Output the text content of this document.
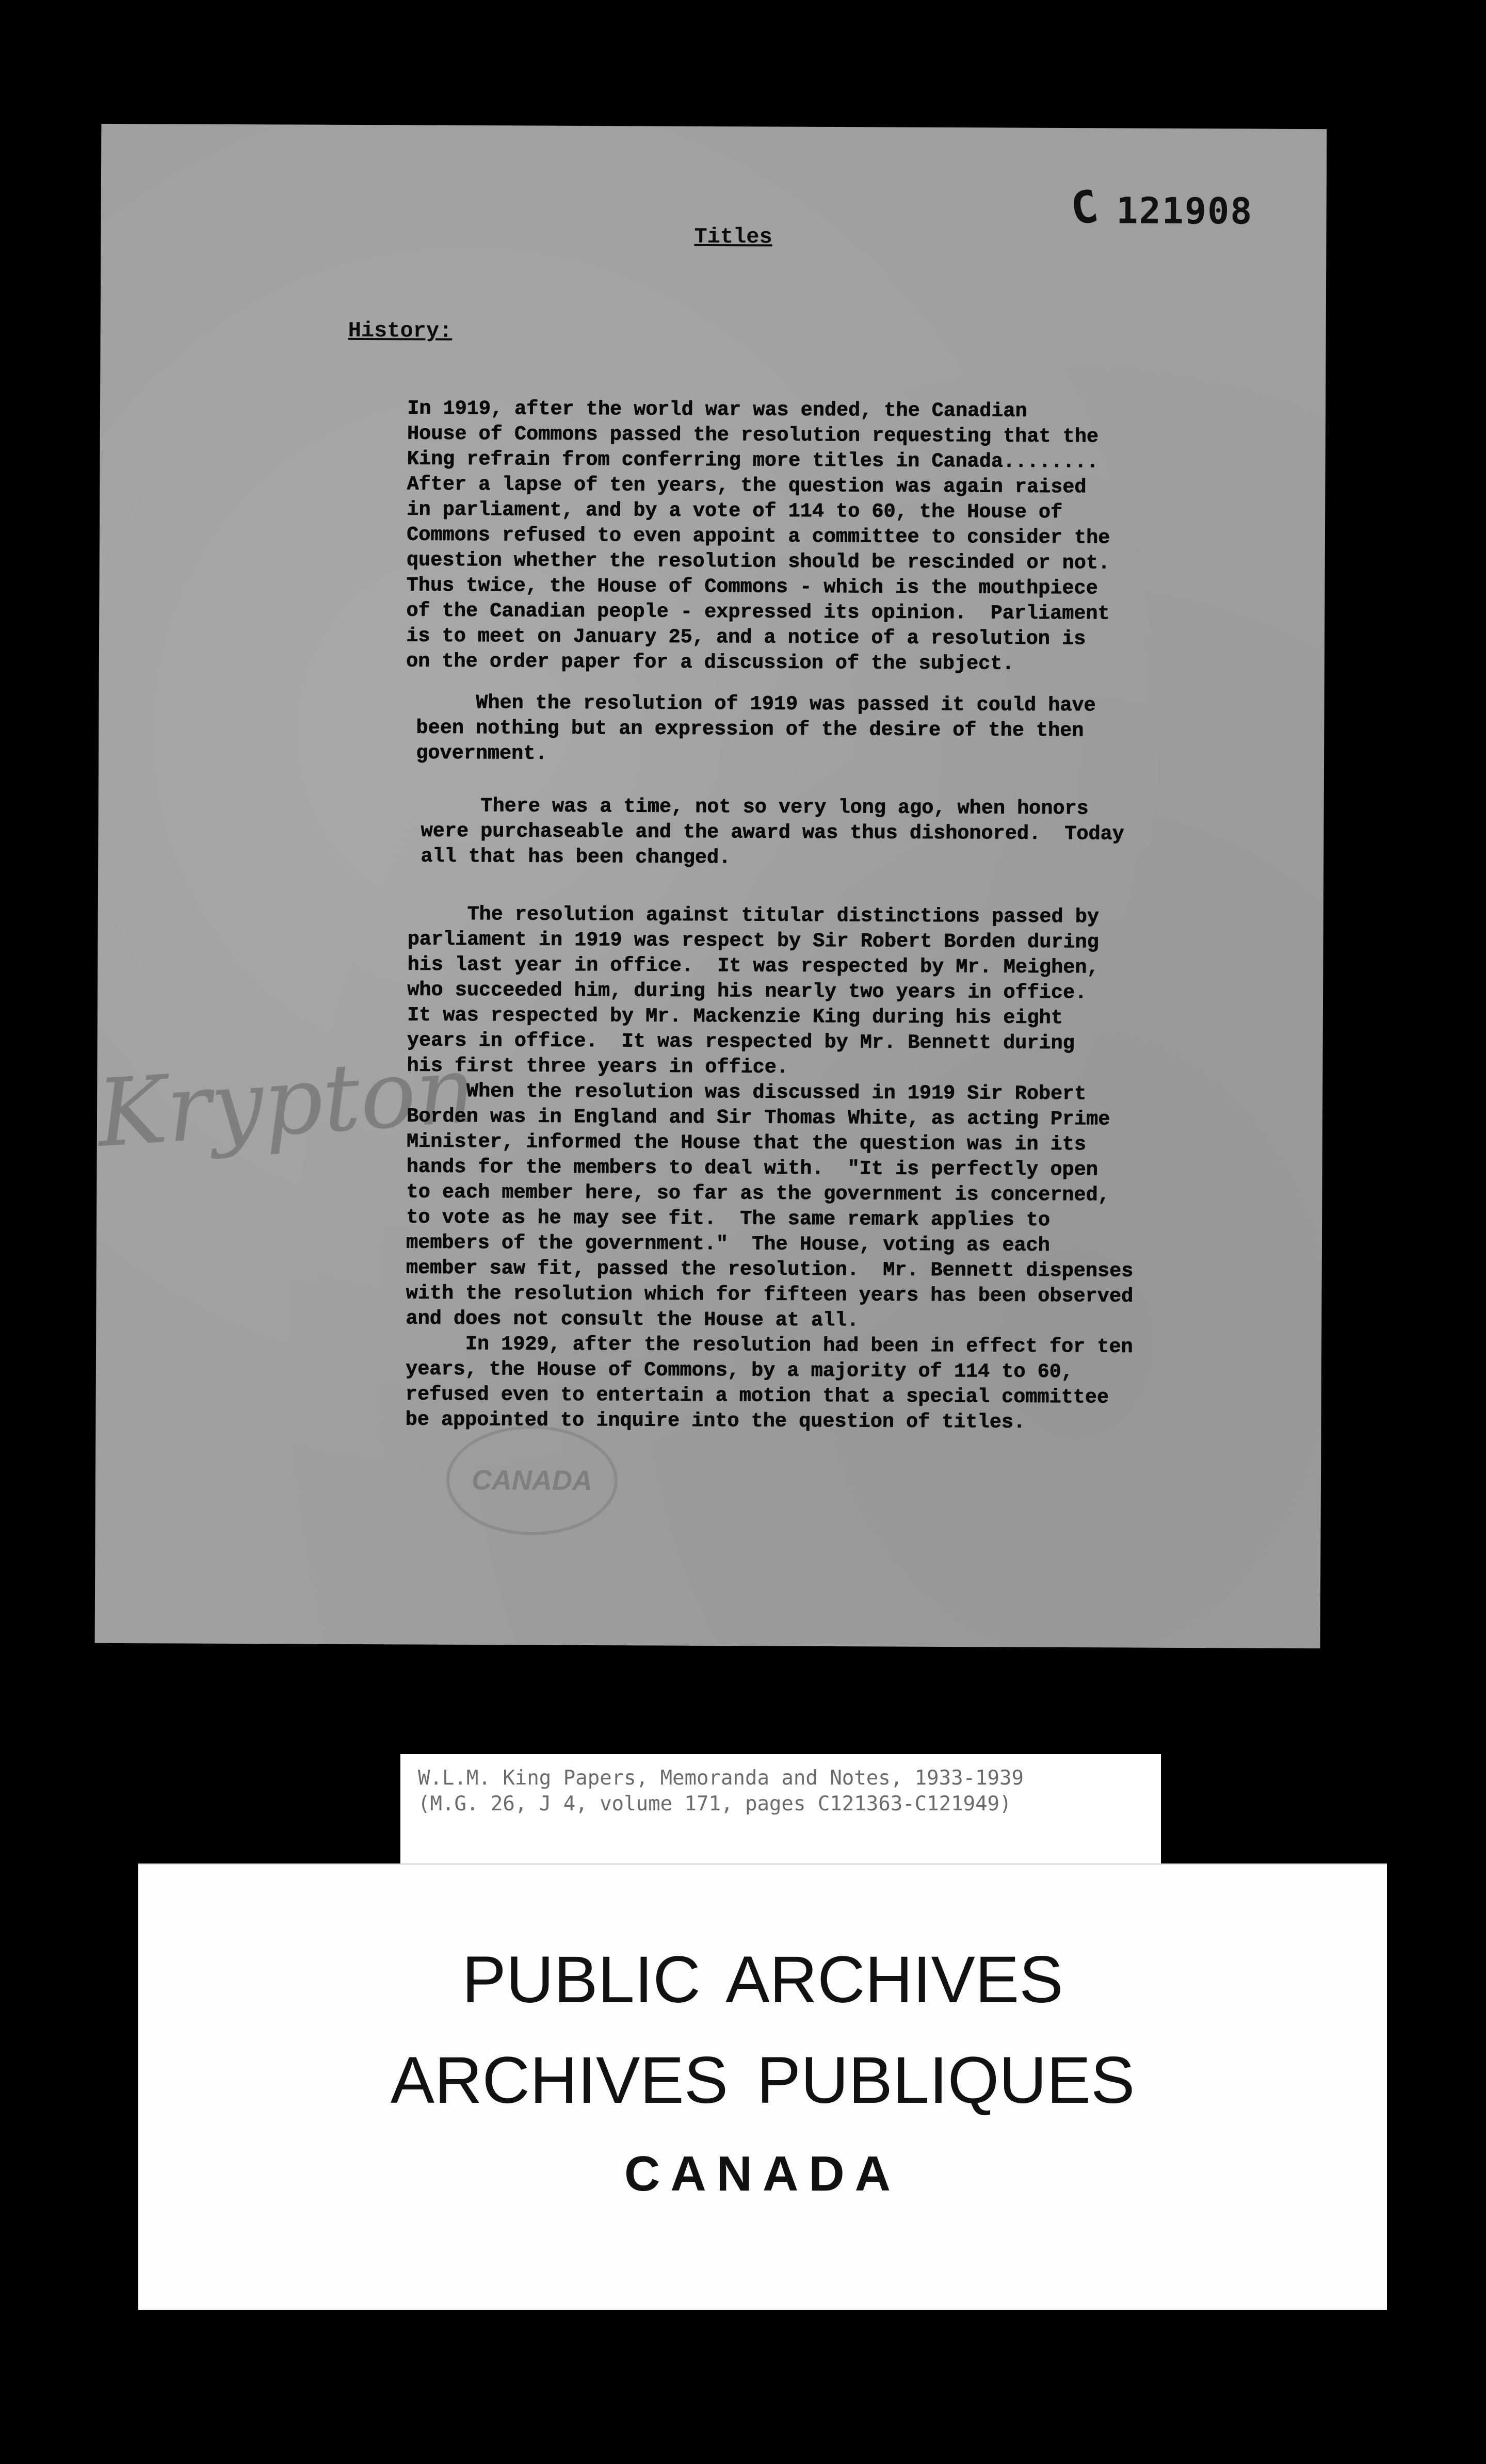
C 121908
Titles
History:
Krypton
CANADA
In 1919, after the world war was ended, the Canadian
House of Commons passed the resolution requesting that the
King refrain from conferring more titles in Canada........
After a lapse of ten years, the question was again raised
in parliament, and by a vote of 114 to 60, the House of
Commons refused to even appoint a committee to consider the
question whether the resolution should be rescinded or not.
Thus twice, the House of Commons - which is the mouthpiece
of the Canadian people - expressed its opinion.  Parliament
is to meet on January 25, and a notice of a resolution is
on the order paper for a discussion of the subject.
When the resolution of 1919 was passed it could have
been nothing but an expression of the desire of the then
government.
There was a time, not so very long ago, when honors
were purchaseable and the award was thus dishonored.  Today
all that has been changed.
The resolution against titular distinctions passed by
parliament in 1919 was respect by Sir Robert Borden during
his last year in office.  It was respected by Mr. Meighen,
who succeeded him, during his nearly two years in office.
It was respected by Mr. Mackenzie King during his eight
years in office.  It was respected by Mr. Bennett during
his first three years in office.
When the resolution was discussed in 1919 Sir Robert
Borden was in England and Sir Thomas White, as acting Prime
Minister, informed the House that the question was in its
hands for the members to deal with.  "It is perfectly open
to each member here, so far as the government is concerned,
to vote as he may see fit.  The same remark applies to
members of the government."  The House, voting as each
member saw fit, passed the resolution.  Mr. Bennett dispenses
with the resolution which for fifteen years has been observed
and does not consult the House at all.
In 1929, after the resolution had been in effect for ten
years, the House of Commons, by a majority of 114 to 60,
refused even to entertain a motion that a special committee
be appointed to inquire into the question of titles.
W.L.M. King Papers, Memoranda and Notes, 1933-1939
(M.G. 26, J 4, volume 171, pages C121363-C121949)
PUBLIC ARCHIVES
ARCHIVES PUBLIQUES
CANADA
